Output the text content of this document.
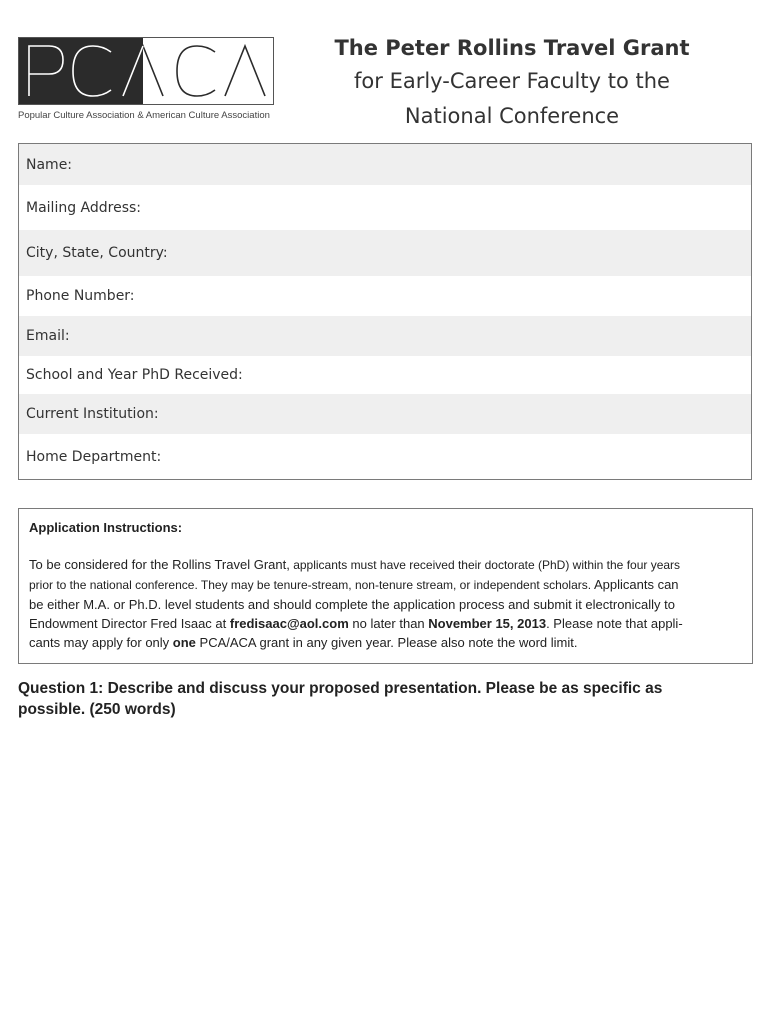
Popular Culture Association & American Culture Association
The Peter Rollins Travel Grant
for Early-Career Faculty to the
National Conference
Name:
Mailing Address:
City, State, Country:
Phone Number:
Email:
School and Year PhD Received:
Current Institution:
Home Department:
Application Instructions:
To be considered for the Rollins Travel Grant, applicants must have received their doctorate (PhD) within the four years
prior to the national conference. They may be tenure-stream, non-tenure stream, or independent scholars. Applicants can
be either M.A. or Ph.D. level students and should complete the application process and submit it electronically to
Endowment Director Fred Isaac at fredisaac@aol.com no later than November 15, 2013. Please note that appli-
cants may apply for only one PCA/ACA grant in any given year. Please also note the word limit.
Question 1: Describe and discuss your proposed presentation. Please be as specific as
possible. (250 words)
